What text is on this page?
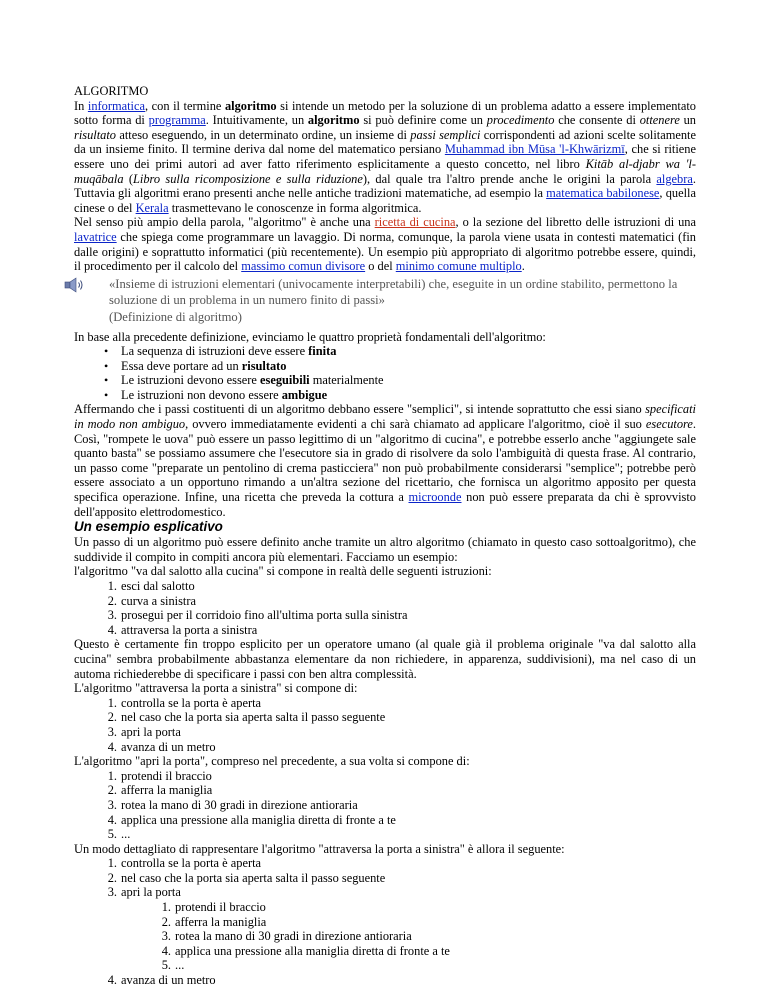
ALGORITMO

In informatica, con il termine algoritmo si intende un metodo per la soluzione di un problema adatto a essere implementato sotto forma di programma. Intuitivamente, un algoritmo si può definire come un procedimento che consente di ottenere un risultato atteso eseguendo, in un determinato ordine, un insieme di passi semplici corrispondenti ad azioni scelte solitamente da un insieme finito. Il termine deriva dal nome del matematico persiano Muhammad ibn Mūsa 'l-Khwārizmī, che si ritiene essere uno dei primi autori ad aver fatto riferimento esplicitamente a questo concetto, nel libro Kitāb al-djabr wa 'l-muqābala (Libro sulla ricomposizione e sulla riduzione), dal quale tra l'altro prende anche le origini la parola algebra. Tuttavia gli algoritmi erano presenti anche nelle antiche tradizioni matematiche, ad esempio la matematica babilonese, quella cinese o del Kerala trasmettevano le conoscenze in forma algoritmica.

Nel senso più ampio della parola, "algoritmo" è anche una ricetta di cucina, o la sezione del libretto delle istruzioni di una lavatrice che spiega come programmare un lavaggio. Di norma, comunque, la parola viene usata in contesti matematici (fin dalle origini) e soprattutto informatici (più recentemente). Un esempio più appropriato di algoritmo potrebbe essere, quindi, il procedimento per il calcolo del massimo comun divisore o del minimo comune multiplo.

«Insieme di istruzioni elementari (univocamente interpretabili) che, eseguite in un ordine stabilito, permettono la soluzione di un problema in un numero finito di passi»
(Definizione di algoritmo)

In base alla precedente definizione, evinciamo le quattro proprietà fondamentali dell'algoritmo:

• La sequenza di istruzioni deve essere finita
• Essa deve portare ad un risultato
• Le istruzioni devono essere eseguibili materialmente
• Le istruzioni non devono essere ambigue

Affermando che i passi costituenti di un algoritmo debbano essere "semplici", si intende soprattutto che essi siano specificati in modo non ambiguo, ovvero immediatamente evidenti a chi sarà chiamato ad applicare l'algoritmo, cioè il suo esecutore. Così, "rompete le uova" può essere un passo legittimo di un "algoritmo di cucina", e potrebbe esserlo anche "aggiungete sale quanto basta" se possiamo assumere che l'esecutore sia in grado di risolvere da solo l'ambiguità di questa frase. Al contrario, un passo come "preparate un pentolino di crema pasticciera" non può probabilmente considerarsi "semplice"; potrebbe però essere associato a un opportuno rimando a un'altra sezione del ricettario, che fornisca un algoritmo apposito per questa specifica operazione. Infine, una ricetta che preveda la cottura a microonde non può essere preparata da chi è sprovvisto dell'apposito elettrodomestico.

Un esempio esplicativo

Un passo di un algoritmo può essere definito anche tramite un altro algoritmo (chiamato in questo caso sottoalgoritmo), che suddivide il compito in compiti ancora più elementari. Facciamo un esempio:

l'algoritmo "va dal salotto alla cucina" si compone in realtà delle seguenti istruzioni:

1. esci dal salotto
2. curva a sinistra
3. prosegui per il corridoio fino all'ultima porta sulla sinistra
4. attraversa la porta a sinistra

Questo è certamente fin troppo esplicito per un operatore umano (al quale già il problema originale "va dal salotto alla cucina" sembra probabilmente abbastanza elementare da non richiedere, in apparenza, suddivisioni), ma nel caso di un automa richiederebbe di specificare i passi con ben altra complessità.

L'algoritmo "attraversa la porta a sinistra" si compone di:

1. controlla se la porta è aperta
2. nel caso che la porta sia aperta salta il passo seguente
3. apri la porta
4. avanza di un metro

L'algoritmo "apri la porta", compreso nel precedente, a sua volta si compone di:

1. protendi il braccio
2. afferra la maniglia
3. rotea la mano di 30 gradi in direzione antioraria
4. applica una pressione alla maniglia diretta di fronte a te
5. ...

Un modo dettagliato di rappresentare l'algoritmo "attraversa la porta a sinistra" è allora il seguente:

1. controlla se la porta è aperta
2. nel caso che la porta sia aperta salta il passo seguente
3. apri la porta
1. protendi il braccio
2. afferra la maniglia
3. rotea la mano di 30 gradi in direzione antioraria
4. applica una pressione alla maniglia diretta di fronte a te
5. ...
4. avanza di un metro
